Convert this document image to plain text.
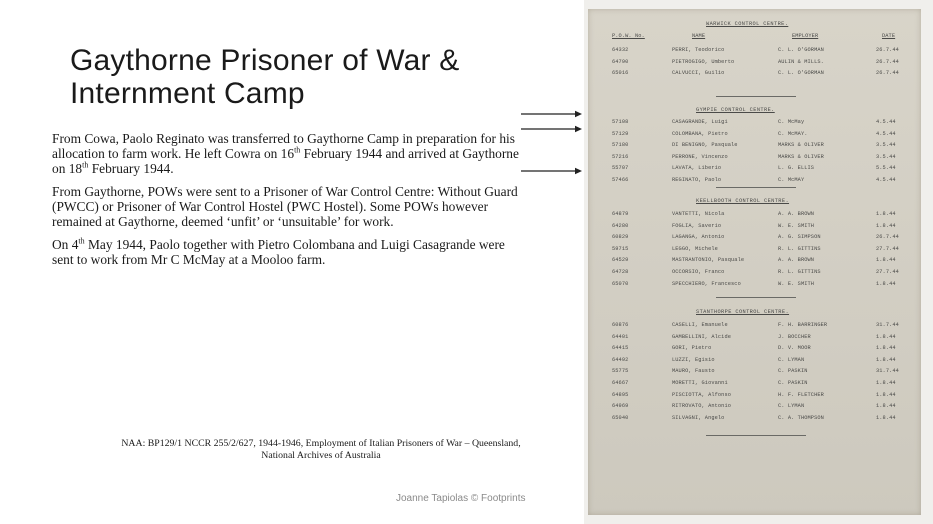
Gaythorne Prisoner of War &
Internment Camp

From Cowa, Paolo Reginato was transferred to Gaythorne Camp in preparation for his allocation to farm work. He left Cowra on 16th February 1944 and arrived at Gaythorne on 18th February 1944.

From Gaythorne, POWs were sent to a Prisoner of War Control Centre: Without Guard (PWCC) or Prisoner of War Control Hostel (PWC Hostel). Some POWs however remained at Gaythorne, deemed ‘unfit’ or ‘unsuitable’ for work.

On 4th May 1944, Paolo together with Pietro Colombana and Luigi Casagrande were sent to work from Mr C McMay at a Mooloo farm.

NAA: BP129/1 NCCR 255/2/627, 1944-1946, Employment of Italian Prisoners of War – Queensland,
National Archives of Australia
Joanne Tapiolas © Footprints
WARWICK CONTROL CENTRE.
P.O.W. No.	NAME	EMPLOYER	DATE
64332	PERRI, Teodorico	C. L. O'GORMAN	26.7.44
64790	PIETROGIGO, Umberto	AULIN & MILLS.	26.7.44
65016	CALVUCCI, Guilio	C. L. O'GORMAN	26.7.44
GYMPIE CONTROL CENTRE.
57108	CASAGRANDE, Luigi	C. McMay	4.5.44
57129	COLOMBANA, Pietro	C. McMAY.	4.5.44
57180	DI BENIGNO, Pasquale	MARKS & OLIVER	3.5.44
57216	PERRONE, Vincenzo	MARKS & OLIVER	3.5.44
55707	LAVATA, Liberio	L. G. ELLIS	5.5.44
57466	REGINATO, Paolo	C. McMAY	4.5.44
KEELLBOOTH CONTROL CENTRE.
64879	VANTETTI, Nicola	A. A. BROWN	1.8.44
64280	FOGLIA, Saverio	W. E. SMITH	1.8.44
60829	LAGANGA, Antonio	A. G. SIMPSON	26.7.44
59715	LEGGO, Michele	R. L. GITTINS	27.7.44
64529	MASTRANTONIO, Pasquale	A. A. BROWN	1.8.44
64728	OCCORSIO, Franco	R. L. GITTINS	27.7.44
65070	SPECCHIERO, Francesco	W. E. SMITH	1.8.44
STANTHORPE CONTROL CENTRE.
60876	CASELLI, Emanuele	F. H. BARRINGER	31.7.44
64401	GAMBELLINI, Alcide	J. BOCCHER	1.8.44
64415	GORI, Pietro	D. V. MOOR	1.8.44
64492	LUZZI, Egisio	C. LYMAN	1.8.44
55775	MAURO, Fausto	C. PASKIN	31.7.44
64667	MORETTI, Giovanni	C. PASKIN	1.8.44
64895	PISCIOTTA, Alfonso	H. F. FLETCHER	1.8.44
64969	RITROVATO, Antonio	C. LYMAN	1.8.44
65040	SILVAGNI, Angelo	C. A. THOMPSON	1.8.44
